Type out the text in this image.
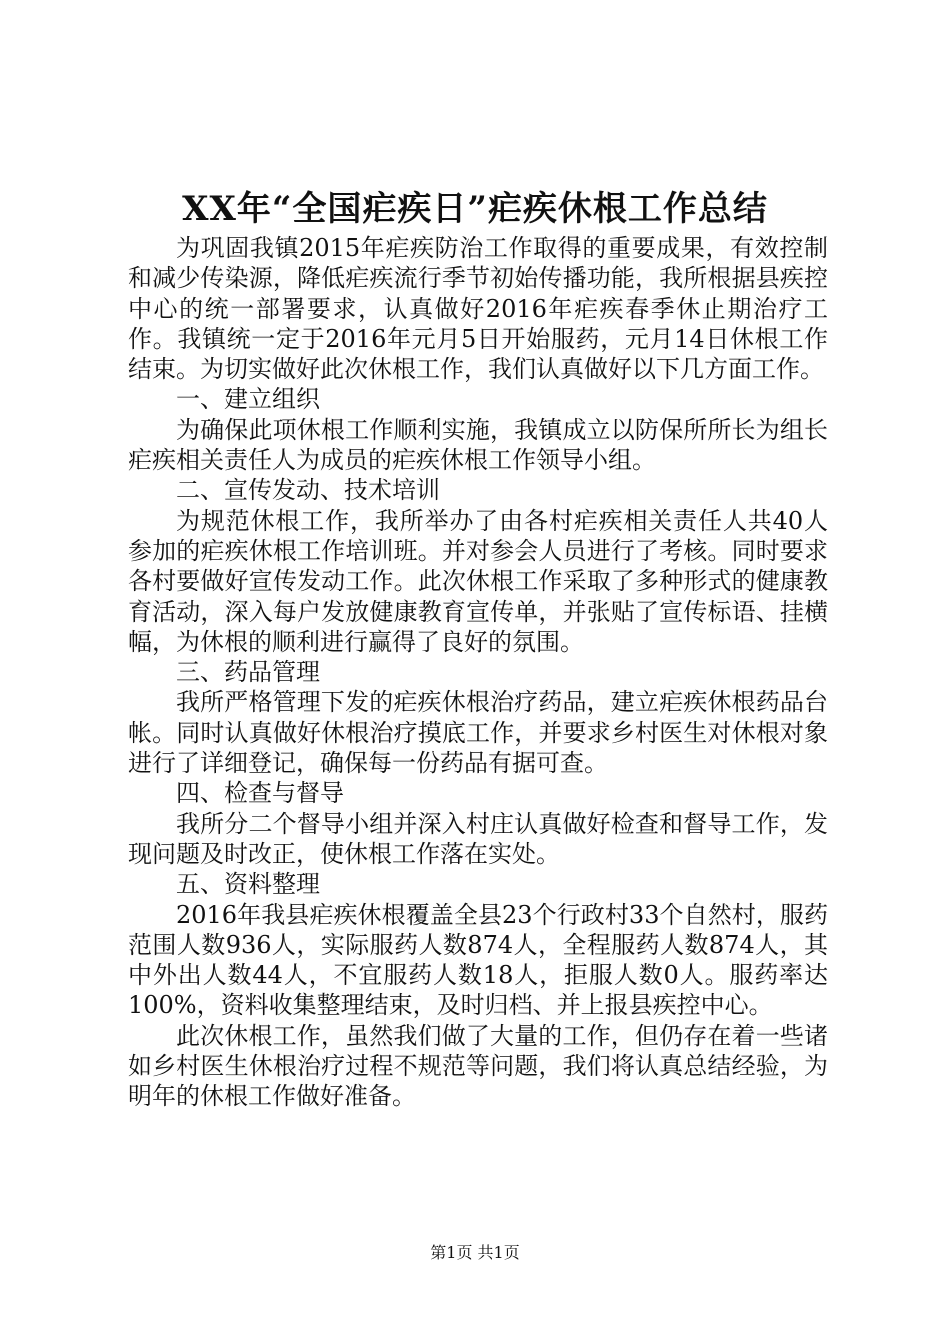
XX年“全国疟疾日”疟疾休根工作总结

为巩固我镇2015年疟疾防治工作取得的重要成果，有效控制和减少传染源，降低疟疾流行季节初始传播功能，我所根据县疾控中心的统一部署要求，认真做好2016年疟疾春季休止期治疗工作。我镇统一定于2016年元月5日开始服药，元月14日休根工作结束。为切实做好此次休根工作，我们认真做好以下几方面工作。

一、建立组织

为确保此项休根工作顺利实施，我镇成立以防保所所长为组长疟疾相关责任人为成员的疟疾休根工作领导小组。

二、宣传发动、技术培训

为规范休根工作，我所举办了由各村疟疾相关责任人共40人参加的疟疾休根工作培训班。并对参会人员进行了考核。同时要求各村要做好宣传发动工作。此次休根工作采取了多种形式的健康教育活动，深入每户发放健康教育宣传单，并张贴了宣传标语、挂横幅，为休根的顺利进行赢得了良好的氛围。

三、药品管理

我所严格管理下发的疟疾休根治疗药品，建立疟疾休根药品台帐。同时认真做好休根治疗摸底工作，并要求乡村医生对休根对象进行了详细登记，确保每一份药品有据可查。

四、检查与督导

我所分二个督导小组并深入村庄认真做好检查和督导工作，发现问题及时改正，使休根工作落在实处。

五、资料整理

2016年我县疟疾休根覆盖全县23个行政村33个自然村，服药范围人数936人，实际服药人数874人，全程服药人数874人，其中外出人数44人，不宜服药人数18人，拒服人数0人。服药率达100%，资料收集整理结束，及时归档、并上报县疾控中心。

此次休根工作，虽然我们做了大量的工作，但仍存在着一些诸如乡村医生休根治疗过程不规范等问题，我们将认真总结经验，为明年的休根工作做好准备。

第1页 共1页
